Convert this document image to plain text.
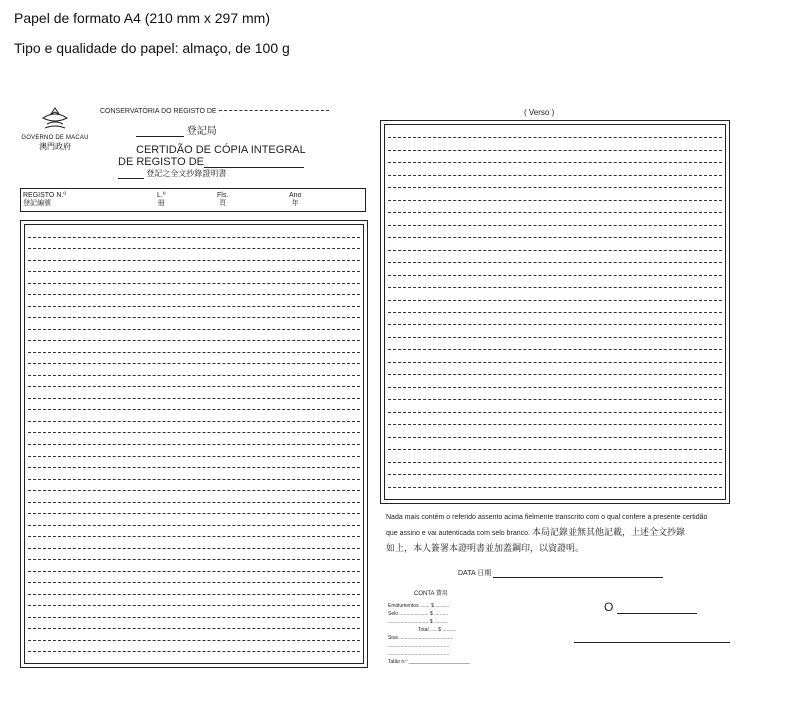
Papel de formato A4 (210 mm x 297 mm)
Tipo e qualidade do papel: almaço, de 100 g
GOVERNO DE MACAU
澳門政府
CONSERVATÓRIA DO REGISTO DE
登記局
CERTIDÃO DE CÓPIA INTEGRAL
DE REGISTO DE
登記之全文抄錄證明書
REGISTO N.º
登記編號
L.º
冊
Fls.
頁
Ano
年
( Verso )
Nada mais contém o referido assento acima fielmente transcrito com o qual confere a presente certidão
que assino e vai autenticada com selo branco. 本局記錄並無其他記載，上述全文抄錄
如上，本人簽署本證明書並加蓋鋼印，以資證明。
DATA 日期
CONTA 費用
Emolumentos ....... $ ..........
Selo ..................... $ ..........
............................. $ ..........
Total ..... $ ..........
Sisa .......................................
............................................
............................................
Talão n.º ______________________
O
